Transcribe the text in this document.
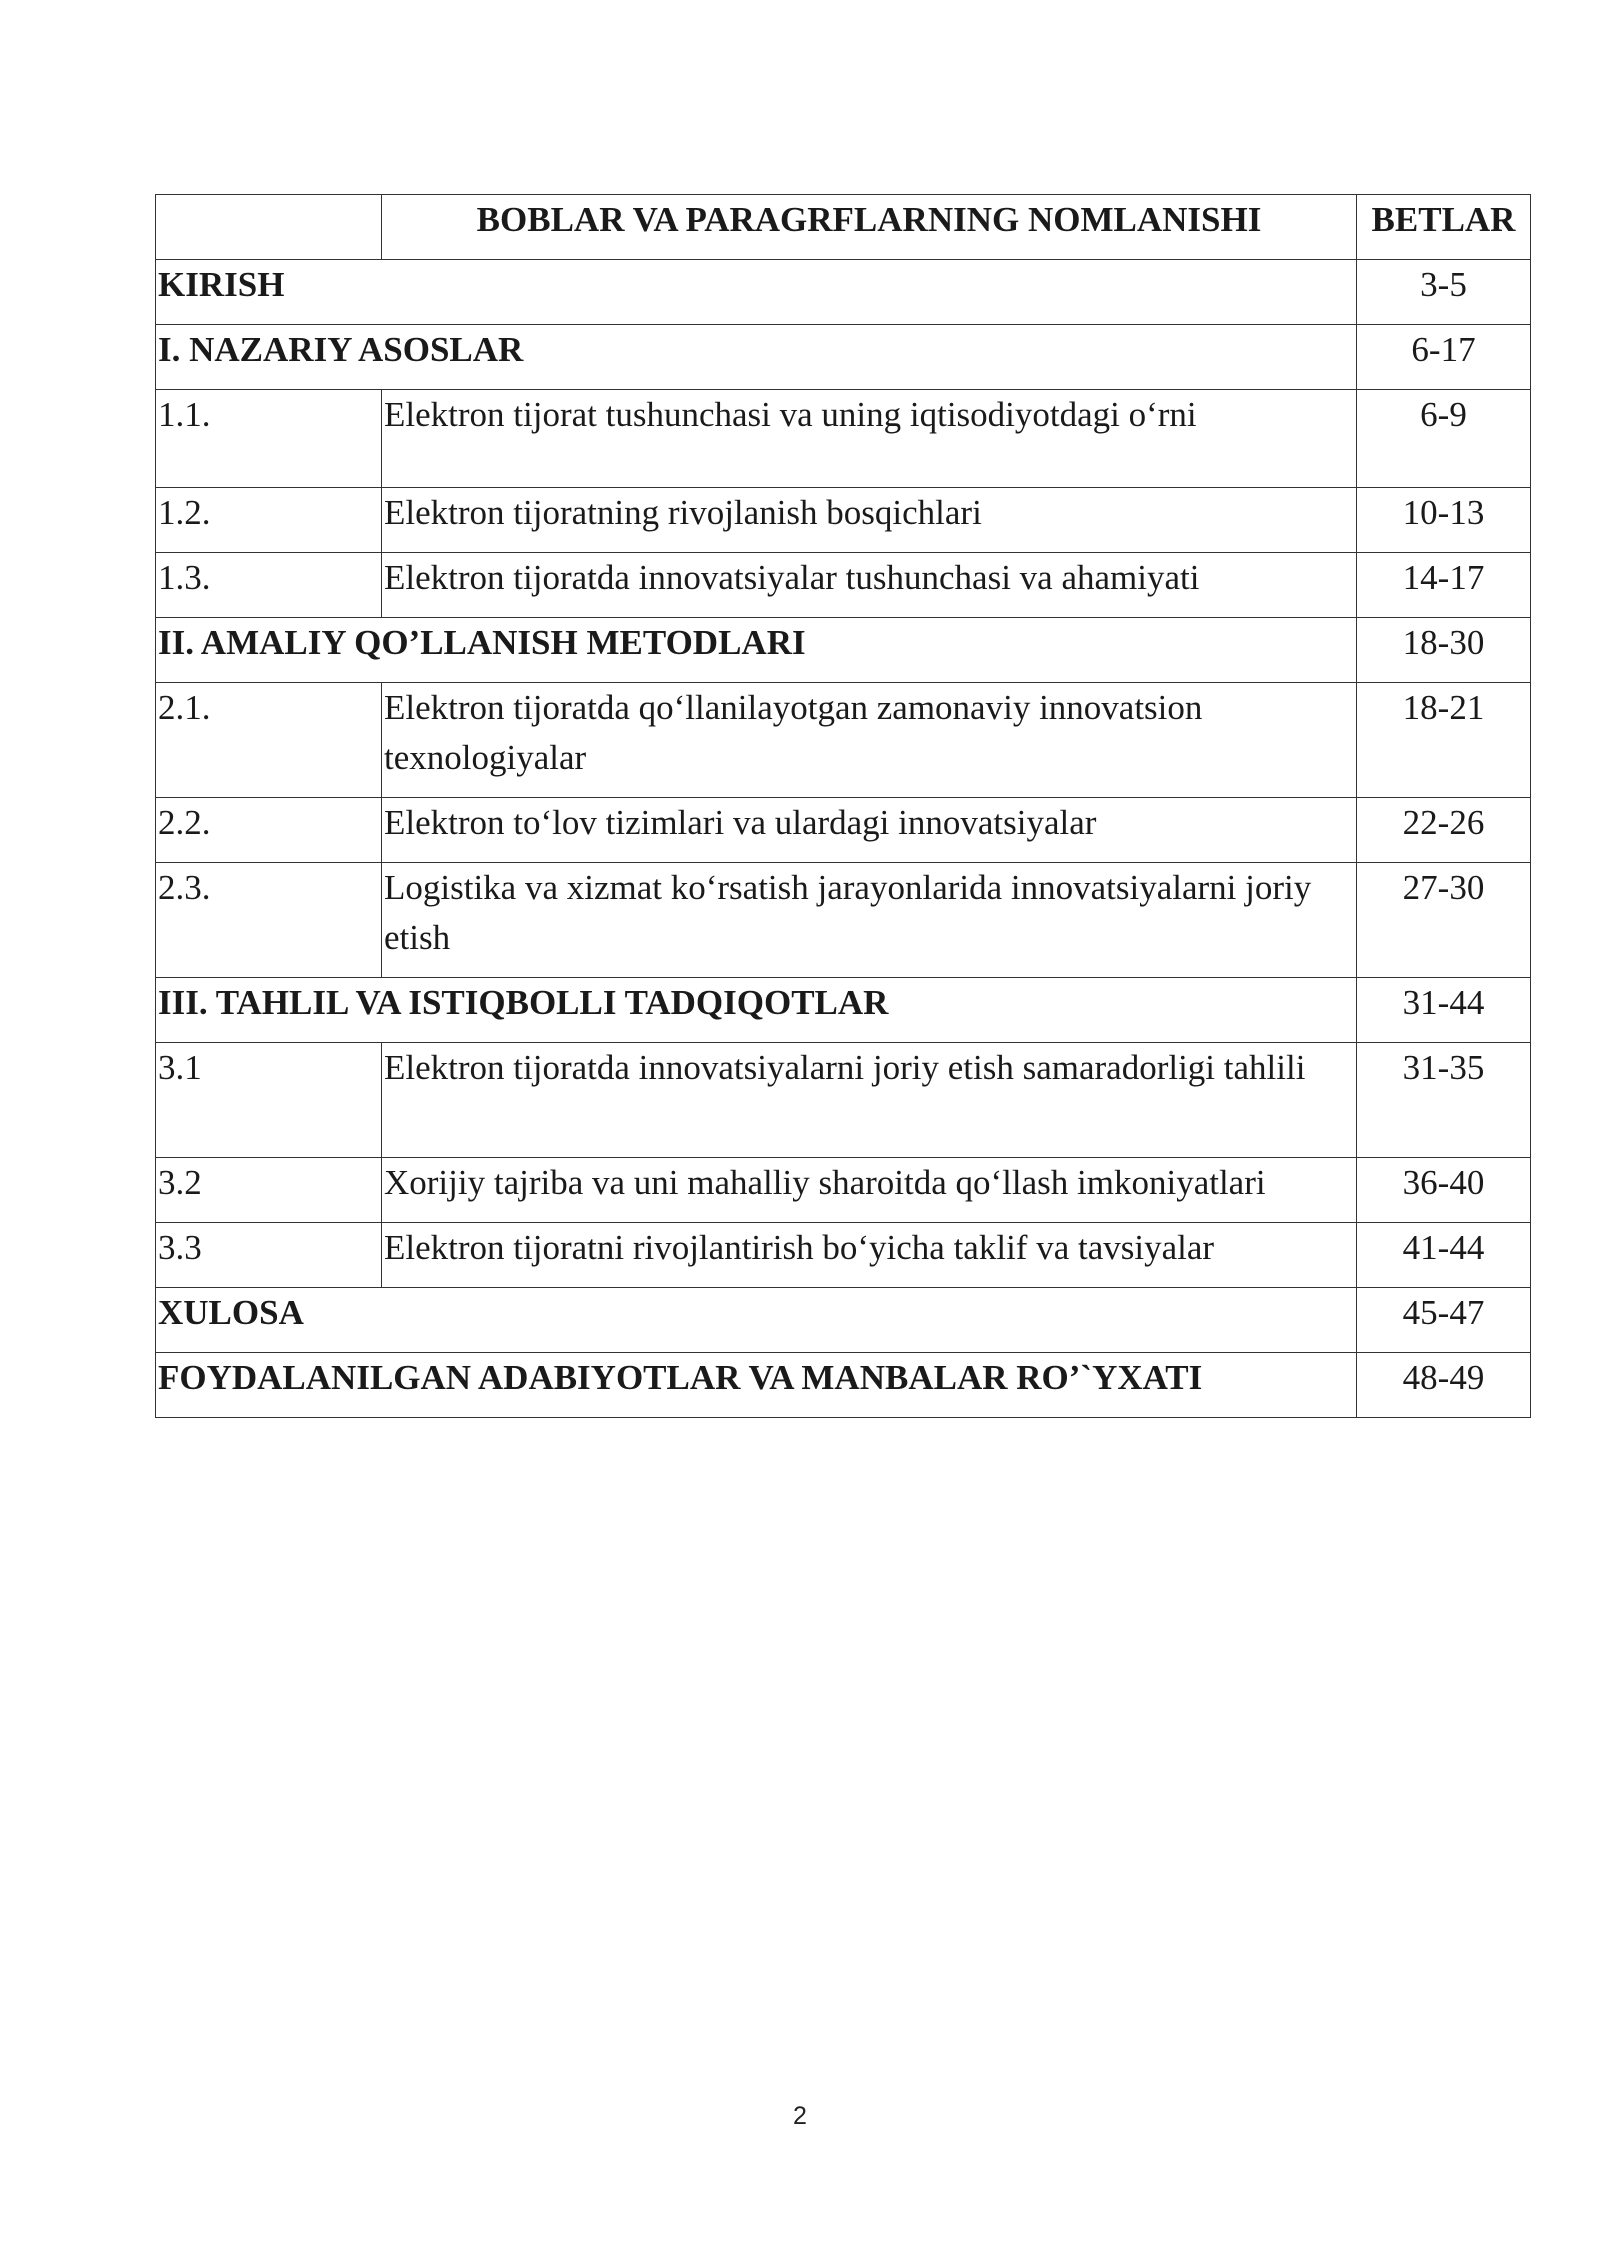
	BOBLAR VA PARAGRFLARNING NOMLANISHI	BETLAR
KIRISH		3-5
I. NAZARIY ASOSLAR		6-17
1.1.	Elektron tijorat tushunchasi va uning iqtisodiyotdagi o‘rni	6-9
1.2.	Elektron tijoratning rivojlanish bosqichlari	10-13
1.3.	Elektron tijoratda innovatsiyalar tushunchasi va ahamiyati	14-17
II. AMALIY QO’LLANISH METODLARI		18-30
2.1.	Elektron tijoratda qo‘llanilayotgan zamonaviy innovatsion texnologiyalar	18-21
2.2.	Elektron to‘lov tizimlari va ulardagi innovatsiyalar	22-26
2.3.	Logistika va xizmat ko‘rsatish jarayonlarida innovatsiyalarni joriy etish	27-30
III. TAHLIL VA ISTIQBOLLI TADQIQOTLAR		31-44
3.1	Elektron tijoratda innovatsiyalarni joriy etish samaradorligi tahlili	31-35
3.2	Xorijiy tajriba va uni mahalliy sharoitda qo‘llash imkoniyatlari	36-40
3.3	Elektron tijoratni rivojlantirish bo‘yicha taklif va tavsiyalar	41-44
XULOSA		45-47
FOYDALANILGAN ADABIYOTLAR VA MANBALAR RO’`YXATI		48-49
2
